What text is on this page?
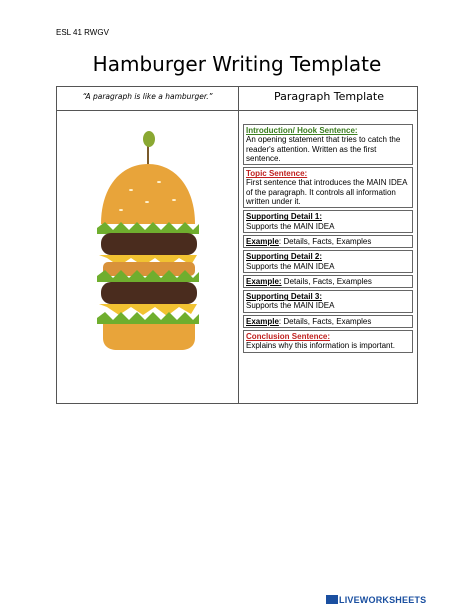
ESL 41 RWGV
Hamburger Writing Template
“A paragraph is like a hamburger.”	Paragraph Template
Introduction/ Hook Sentence:
An opening statement that tries to catch the reader's attention. Written as the first sentence.
Topic Sentence:
First sentence that introduces the MAIN IDEA of the paragraph. It controls all information written under it.
Supporting Detail 1:
Supports the MAIN IDEA
Example: Details, Facts, Examples
Supporting Detail 2:
Supports the MAIN IDEA
Example: Details, Facts, Examples
Supporting Detail 3:
Supports the MAIN IDEA
Example: Details, Facts, Examples
Conclusion Sentence:
Explains why this information is important.
LIVEWORKSHEETS
